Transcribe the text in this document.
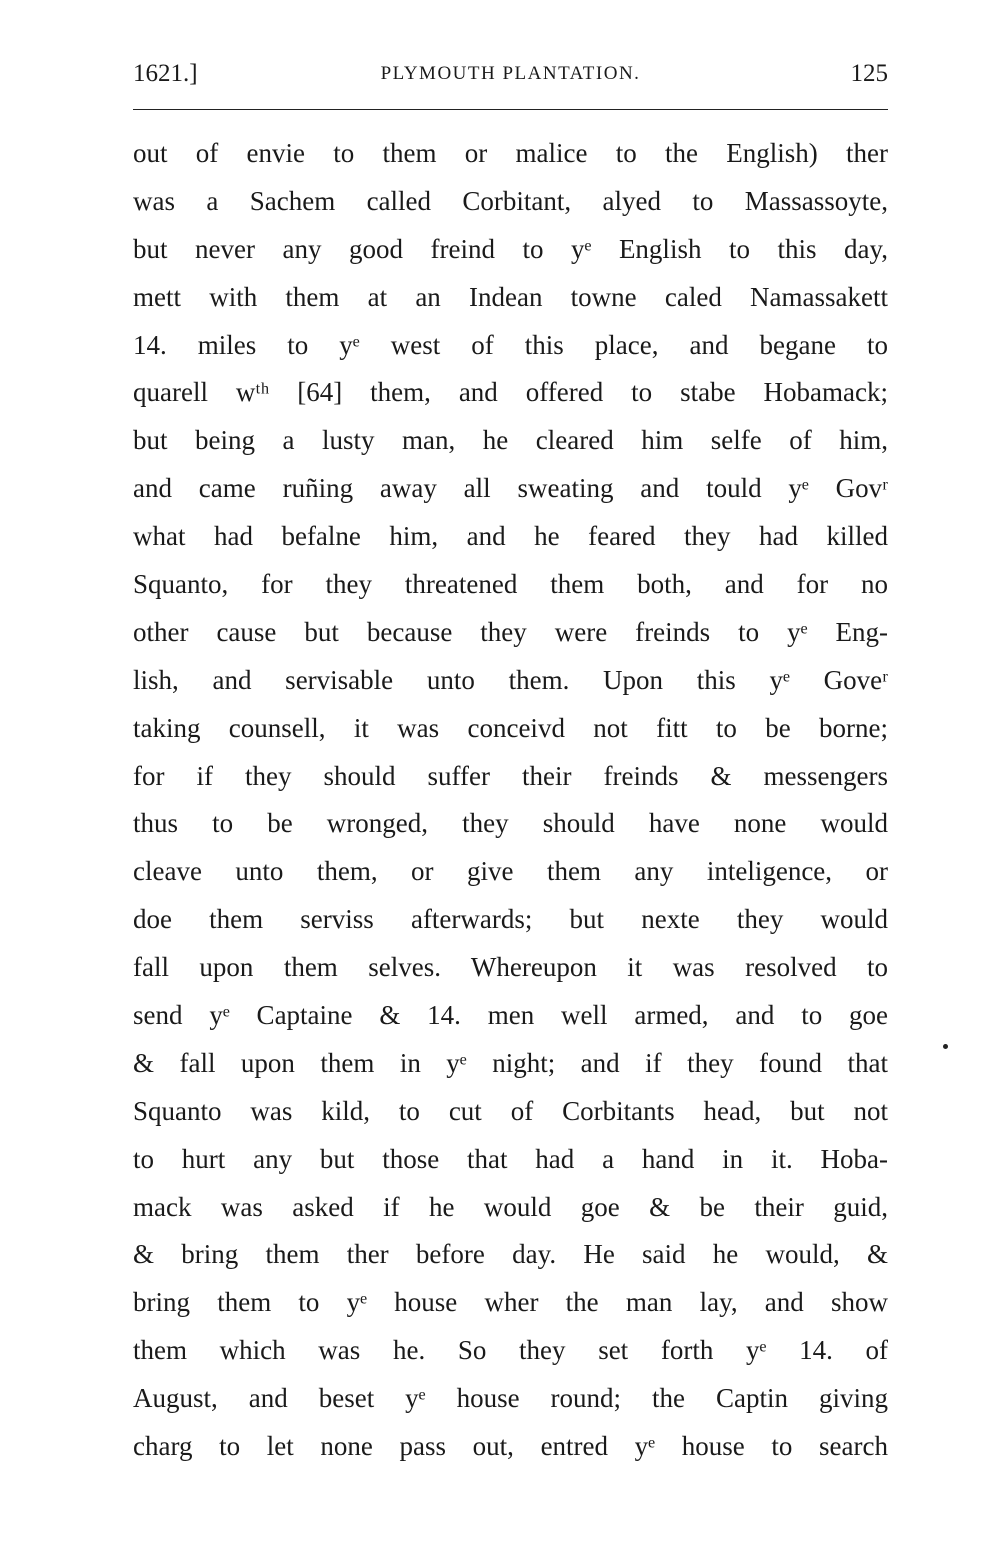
1621.]	PLYMOUTH PLANTATION.	125
out of envie to them or malice to the English) ther
was a Sachem called Corbitant, alyed to Massassoyte,
but never any good freind to yᵉ English to this day,
mett with them at an Indean towne caled Namassakett
14. miles to yᵉ west of this place, and begane to
quarell wᵗʰ [64] them, and offered to stabe Hobamack;
but being a lusty man, he cleared him selfe of him,
and came ruñing away all sweating and tould yᵉ Govʳ
what had befalne him, and he feared they had killed
Squanto, for they threatened them both, and for no
other cause but because they were freinds to yᵉ Eng-
lish, and servisable unto them. Upon this yᵉ Goveʳ
taking counsell, it was conceivd not fitt to be borne;
for if they should suffer their freinds & messengers
thus to be wronged, they should have none would
cleave unto them, or give them any inteligence, or
doe them serviss afterwards; but nexte they would
fall upon them selves. Whereupon it was resolved to
send yᵉ Captaine & 14. men well armed, and to goe
& fall upon them in yᵉ night; and if they found that
Squanto was kild, to cut of Corbitants head, but not
to hurt any but those that had a hand in it. Hoba-
mack was asked if he would goe & be their guid,
& bring them ther before day. He said he would, &
bring them to yᵉ house wher the man lay, and show
them which was he. So they set forth yᵉ 14. of
August, and beset yᵉ house round; the Captin giving
charg to let none pass out, entred yᵉ house to search
